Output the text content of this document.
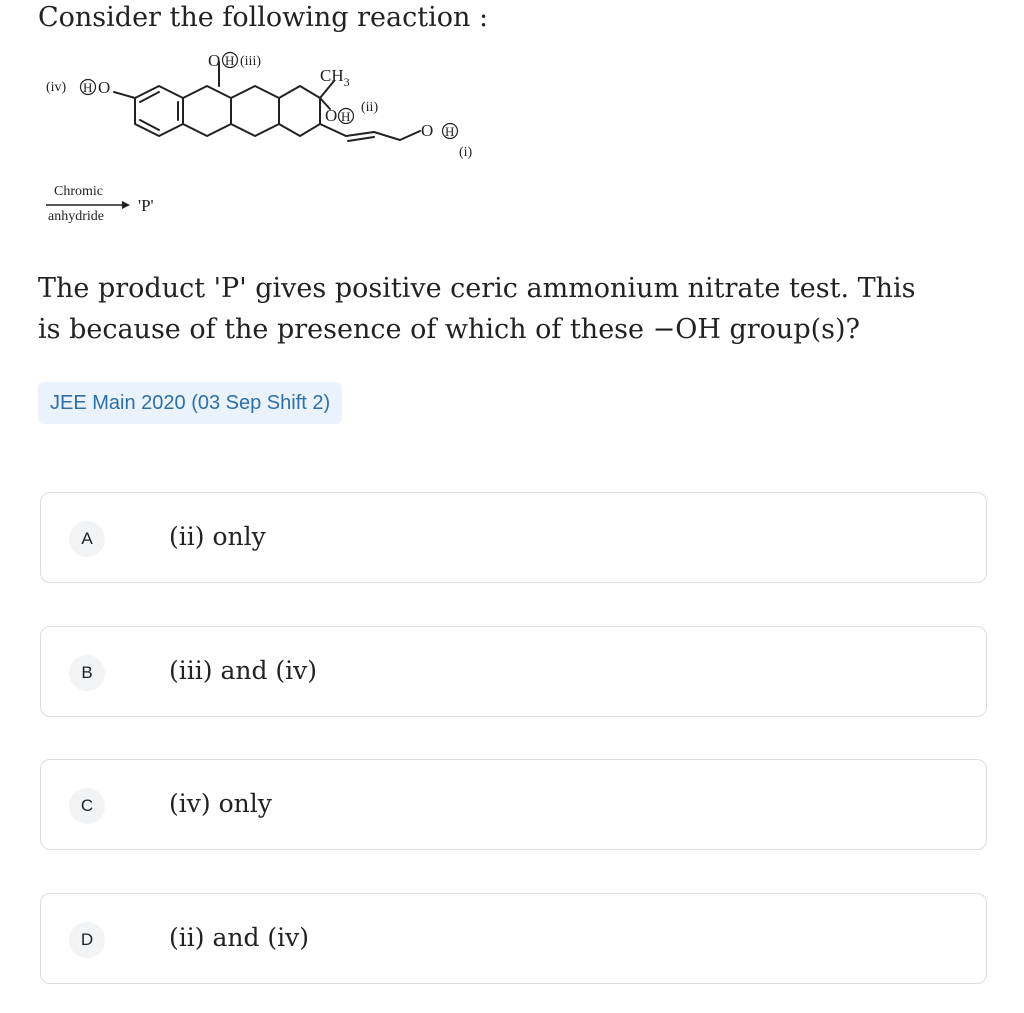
Consider the following reaction :
O H (iii)
(iv) H O
$CH_3$
O H
(ii)
O H
(i)
Chromic
anhydride
'P'
The product 'P' gives positive ceric ammonium nitrate test. This is because of the presence of which of these −OH group(s)?
JEE Main 2020 (03 Sep Shift 2)
A	(ii) only
B	(iii) and (iv)
C	(iv) only
D	(ii) and (iv)
